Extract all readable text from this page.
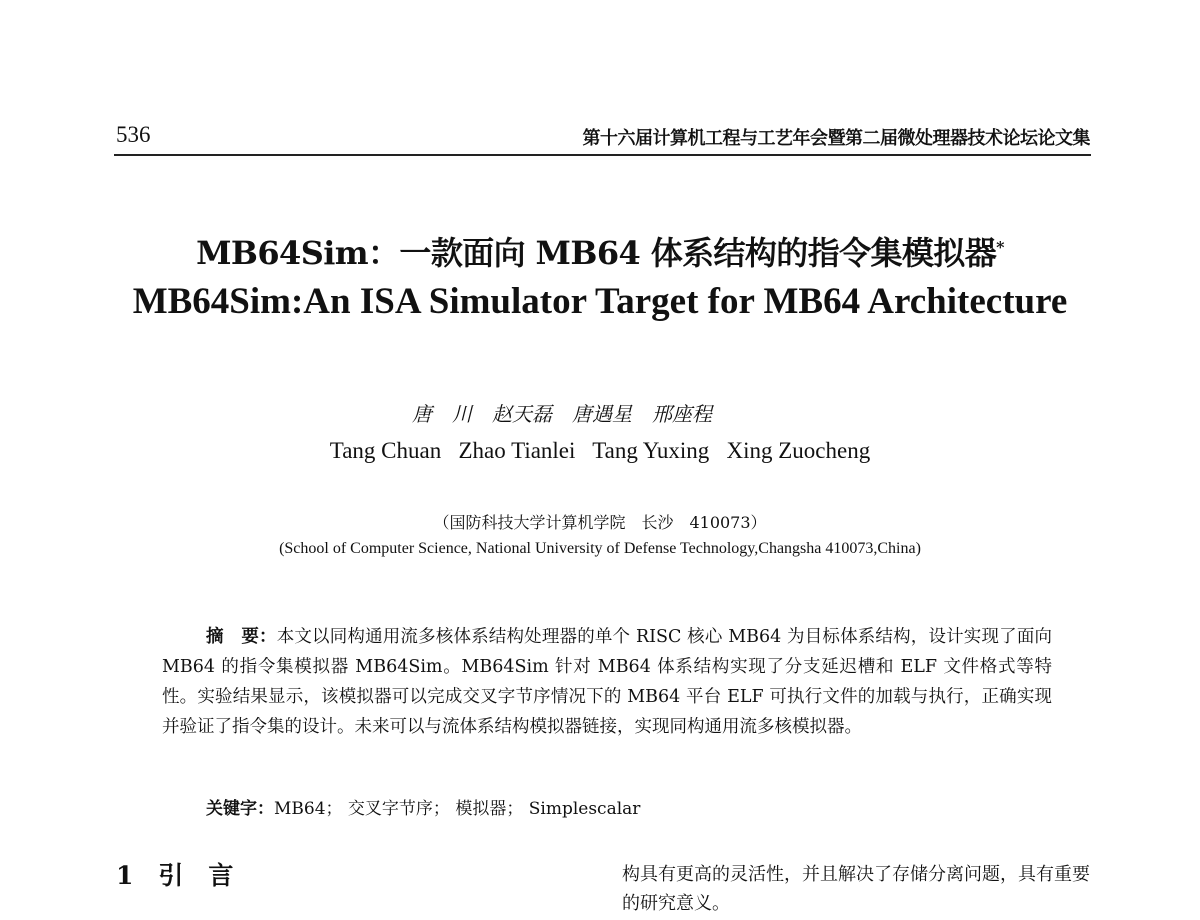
536	第十六届计算机工程与工艺年会暨第二届微处理器技术论坛论文集
MB64Sim：一款面向 MB64 体系结构的指令集模拟器*
MB64Sim:An ISA Simulator Target for MB64 Architecture
唐　川　赵天磊　唐遇星　邢座程
Tang Chuan   Zhao Tianlei   Tang Yuxing   Xing Zuocheng
（国防科技大学计算机学院　长沙　410073）
(School of Computer Science, National University of Defense Technology,Changsha 410073,China)
摘　要：本文以同构通用流多核体系结构处理器的单个 RISC 核心 MB64 为目标体系结构，设计实现了面向 MB64 的指令集模拟器 MB64Sim。MB64Sim 针对 MB64 体系结构实现了分支延迟槽和 ELF 文件格式等特性。实验结果显示，该模拟器可以完成交叉字节序情况下的 MB64 平台 ELF 可执行文件的加载与执行，正确实现并验证了指令集的设计。未来可以与流体系结构模拟器链接，实现同构通用流多核模拟器。
关键字：MB64； 交叉字节序； 模拟器； Simplescalar
1　引　言	构具有更高的灵活性，并且解决了存储分离问题，具有重要的研究意义。
